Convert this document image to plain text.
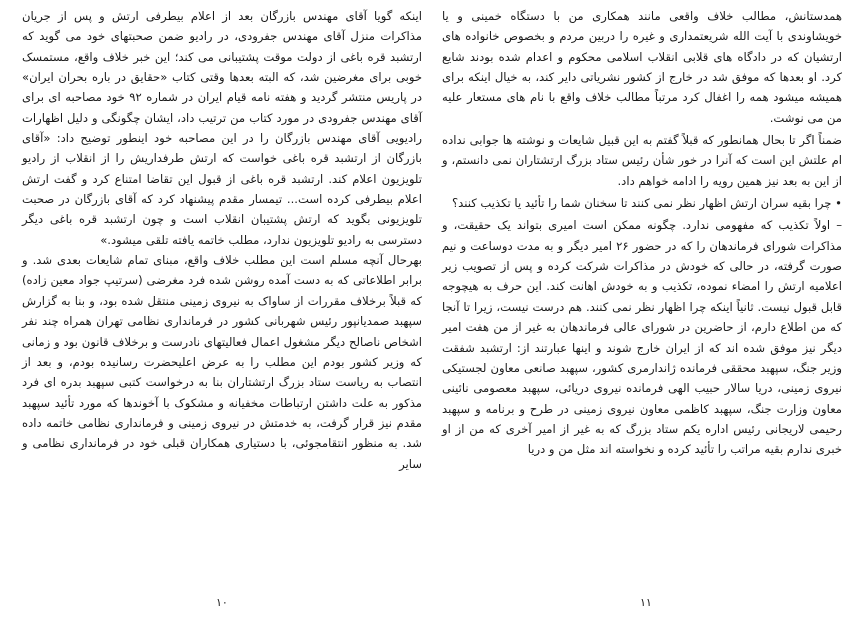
همدستانش، مطالب خلاف واقعی مانند همکاری من با دستگاه خمینی و یا خویشاوندی با آیت الله شریعتمداری و غیره را دربین مردم و بخصوص خانواده های ارتشیان که در دادگاه های قلابی انقلاب اسلامی محکوم و اعدام شده بودند شایع کرد. او بعدها که موفق شد در خارج از کشور نشریاتی دایر کند، به خیال اینکه برای همیشه میشود همه را اغفال کرد مرتباً مطالب خلاف واقع با نام های مستعار علیه من می نوشت.

ضمناً اگر تا بحال همانطور که قبلاً گفتم به این قبیل شایعات و نوشته ها جوابی نداده ام علتش این است که آنرا در خور شأن رئیس ستاد بزرگ ارتشتاران نمی دانستم، و از این به بعد نیز همین رویه را ادامه خواهم داد.

• چرا بقیه سران ارتش اظهار نظر نمی کنند تا سخنان شما را تأئید یا تکذیب کنند؟

– اولاً تکذیب که مفهومی ندارد. چگونه ممکن است امیری بتواند یک حقیقت، و مذاکرات شورای فرماندهان را که در حضور ۲۶ امیر دیگر و به مدت دوساعت و نیم صورت گرفته، در حالی که خودش در مذاکرات شرکت کرده و پس از تصویب زیر اعلامیه ارتش را امضاء نموده، تکذیب و به خودش اهانت کند. این حرف به هیچوجه قابل قبول نیست. ثانیاً اینکه چرا اظهار نظر نمی کنند. هم درست نیست، زیرا تا آنجا که من اطلاع دارم، از حاضرین در شورای عالی فرماندهان به غیر از من هفت امیر دیگر نیز موفق شده اند که از ایران خارج شوند و اینها عبارتند از: ارتشبد شفقت وزیر جنگ، سپهبد محققی فرمانده ژاندارمری کشور، سپهبد صانعی معاون لجستیکی نیروی زمینی، دریا سالار حبیب الهی فرمانده نیروی دریائی، سپهبد معصومی نائینی معاون وزارت جنگ، سپهبد کاظمی معاون نیروی زمینی در طرح و برنامه و سپهبد رحیمی لاریجانی رئیس اداره یکم ستاد بزرگ که به غیر از امیر آخری که من از او خبری ندارم بقیه مراتب را تأئید کرده و نخواسته اند مثل من و دریا

اینکه گویا آقای مهندس بازرگان بعد از اعلام بیطرفی ارتش و پس از جریان مذاکرات منزل آقای مهندس جفرودی، در رادیو ضمن صحبتهای خود می گوید که ارتشبد قره باغی از دولت موقت پشتیبانی می کند؛ این خبر خلاف واقع، مستمسک خوبی برای مغرضین شد، که البته بعدها وقتی کتاب «حقایق در باره بحران ایران» در پاریس منتشر گردید و هفته نامه قیام ایران در شماره ۹۲ خود مصاحبه ای برای آقای مهندس جفرودی در مورد کتاب من ترتیب داد، ایشان چگونگی و دلیل اظهارات رادیویی آقای مهندس بازرگان را در این مصاحبه خود اینطور توضیح داد: «آقای بازرگان از ارتشبد قره باغی خواست که ارتش طرفداریش را از انقلاب از رادیو تلویزیون اعلام کند. ارتشبد قره باغی از قبول این تقاضا امتناع کرد و گفت ارتش اعلام بیطرفی کرده است... تیمسار مقدم پیشنهاد کرد که آقای بازرگان در صحبت تلویزیونی بگوید که ارتش پشتیبان انقلاب است و چون ارتشبد قره باغی دیگر دسترسی به رادیو تلویزیون ندارد، مطلب خاتمه یافته تلقی میشود.»

بهرحال آنچه مسلم است این مطلب خلاف واقع، مبنای تمام شایعات بعدی شد. و برابر اطلاعاتی که به دست آمده روشن شده فرد مغرضی (سرتیپ جواد معین زاده) که قبلاً برخلاف مقررات از ساواک به نیروی زمینی منتقل شده بود، و بنا به گزارش سپهبد صمدیانپور رئیس شهربانی کشور در فرمانداری نظامی تهران همراه چند نفر اشخاص ناصالح دیگر مشغول اعمال فعالیتهای نادرست و برخلاف قانون بود و زمانی که وزیر کشور بودم این مطلب را به عرض اعلیحضرت رسانیده بودم، و بعد از انتصاب به ریاست ستاد بزرگ ارتشتاران بنا به درخواست کتبی سپهبد بدره ای فرد مذکور به علت داشتن ارتباطات مخفیانه و مشکوک با آخوندها که مورد تأئید سپهبد مقدم نیز قرار گرفت، به خدمتش در نیروی زمینی و فرمانداری نظامی خاتمه داده شد. به منظور انتقامجوئی، با دستیاری همکاران قبلی خود در فرمانداری نظامی و سایر

۱۰	۱۱
